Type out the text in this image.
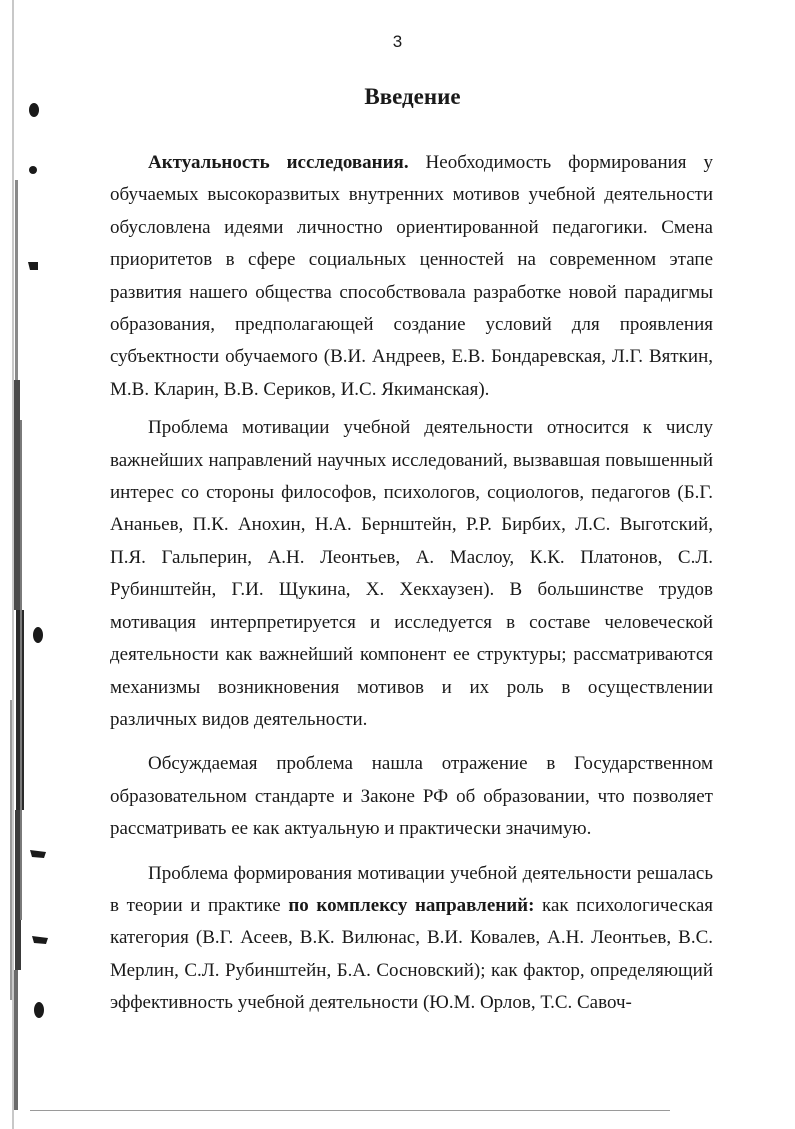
3
Введение

Актуальность исследования. Необходимость формирования у обучаемых высокоразвитых внутренних мотивов учебной деятельности обусловлена идеями личностно ориентированной педагогики. Смена приоритетов в сфере социальных ценностей на современном этапе развития нашего общества способствовала разработке новой парадигмы образования, предполагающей создание условий для проявления субъектности обучаемого (В.И. Андреев, Е.В. Бондаревская, Л.Г. Вяткин, М.В. Кларин, В.В. Сериков, И.С. Якиманская).

Проблема мотивации учебной деятельности относится к числу важнейших направлений научных исследований, вызвавшая повышенный интерес со стороны философов, психологов, социологов, педагогов (Б.Г. Ананьев, П.К. Анохин, Н.А. Бернштейн, Р.Р. Бирбих, Л.С. Выготский, П.Я. Гальперин, А.Н. Леонтьев, А. Маслоу, К.К. Платонов, С.Л. Рубинштейн, Г.И. Щукина, Х. Хекхаузен). В большинстве трудов мотивация интерпретируется и исследуется в составе человеческой деятельности как важнейший компонент ее структуры; рассматриваются механизмы возникновения мотивов и их роль в осуществлении различных видов деятельности.

Обсуждаемая проблема нашла отражение в Государственном образовательном стандарте и Законе РФ об образовании, что позволяет рассматривать ее как актуальную и практически значимую.

Проблема формирования мотивации учебной деятельности решалась в теории и практике по комплексу направлений: как психологическая категория (В.Г. Асеев, В.К. Вилюнас, В.И. Ковалев, А.Н. Леонтьев, В.С. Мерлин, С.Л. Рубинштейн, Б.А. Сосновский); как фактор, определяющий эффективность учебной деятельности (Ю.М. Орлов, Т.С. Савоч-
